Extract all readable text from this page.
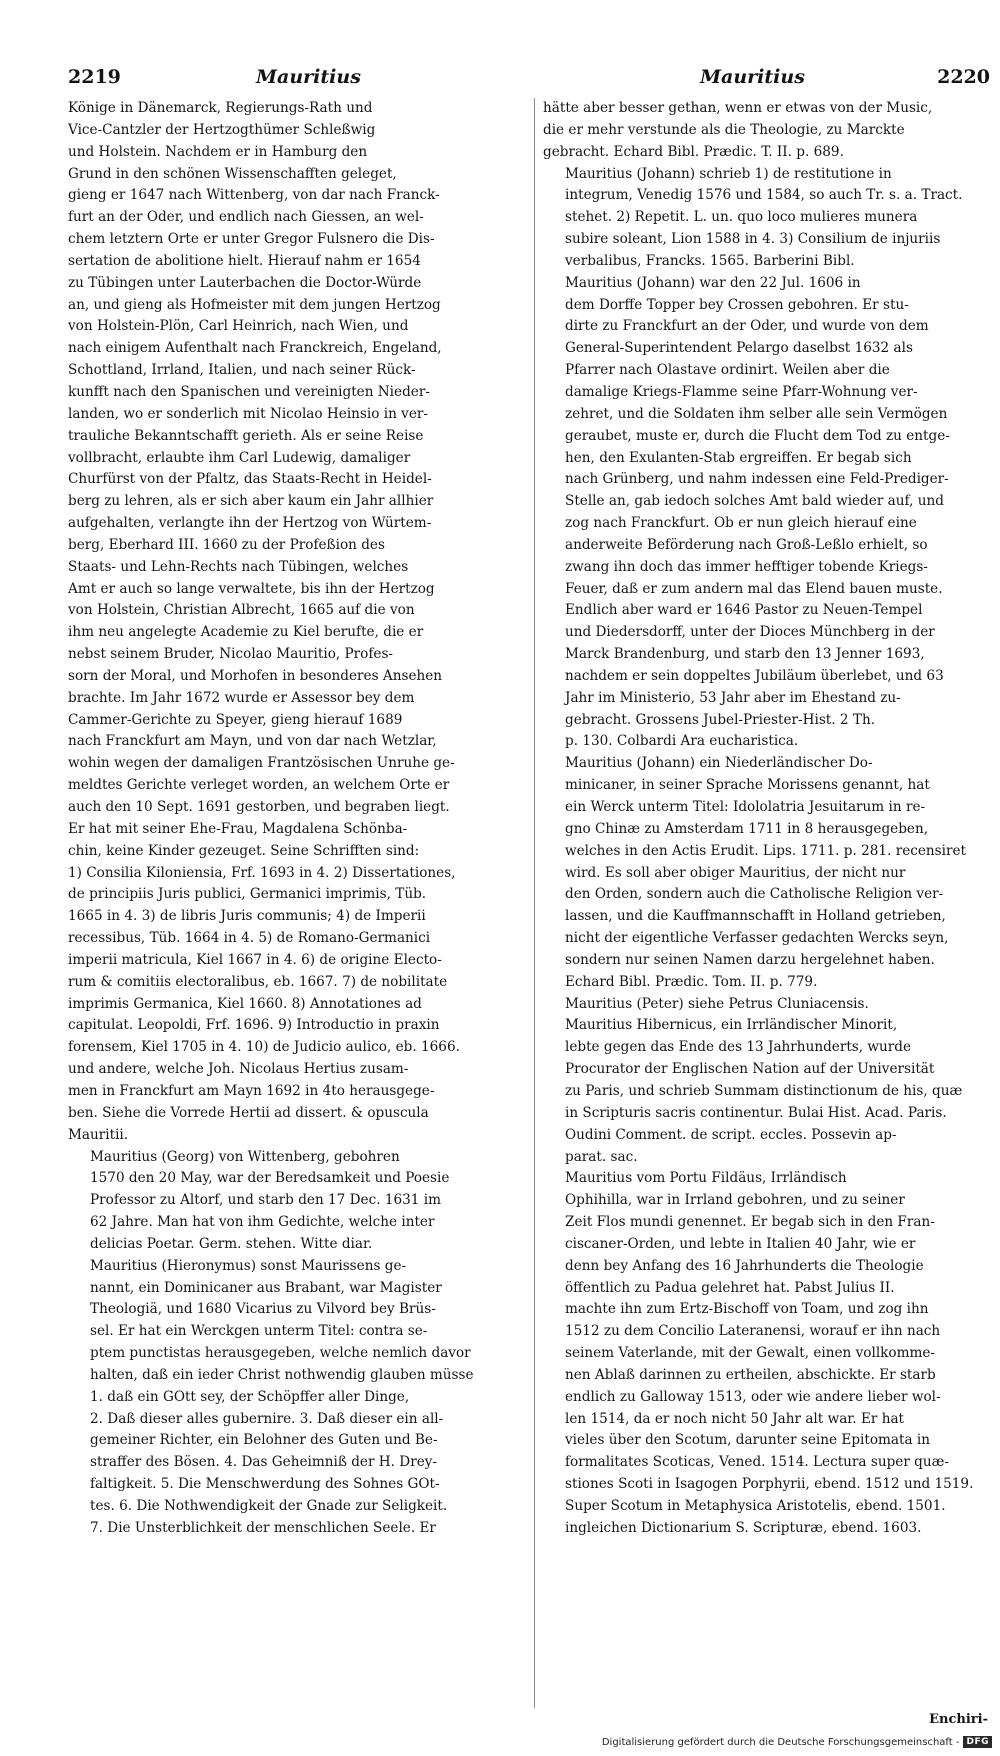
2219	Mauritius	Mauritius	2220

Könige in Dänemarck, Regierungs-Rath und
Vice-Cantzler der Hertzogthümer Schleßwig
und Holstein. Nachdem er in Hamburg den
Grund in den schönen Wissenschafften geleget,
gieng er 1647 nach Wittenberg, von dar nach Franck-
furt an der Oder, und endlich nach Giessen, an wel-
chem letztern Orte er unter Gregor Fulsnero die Dis-
sertation de abolitione hielt. Hierauf nahm er 1654
zu Tübingen unter Lauterbachen die Doctor-Würde
an, und gieng als Hofmeister mit dem jungen Hertzog
von Holstein-Plön, Carl Heinrich, nach Wien, und
nach einigem Aufenthalt nach Franckreich, Engeland,
Schottland, Irrland, Italien, und nach seiner Rück-
kunfft nach den Spanischen und vereinigten Nieder-
landen, wo er sonderlich mit Nicolao Heinsio in ver-
trauliche Bekanntschafft gerieth. Als er seine Reise
vollbracht, erlaubte ihm Carl Ludewig, damaliger
Churfürst von der Pfaltz, das Staats-Recht in Heidel-
berg zu lehren, als er sich aber kaum ein Jahr allhier
aufgehalten, verlangte ihn der Hertzog von Würtem-
berg, Eberhard III. 1660 zu der Profeßion des
Staats- und Lehn-Rechts nach Tübingen, welches
Amt er auch so lange verwaltete, bis ihn der Hertzog
von Holstein, Christian Albrecht, 1665 auf die von
ihm neu angelegte Academie zu Kiel berufte, die er
nebst seinem Bruder, Nicolao Mauritio, Profes-
sorn der Moral, und Morhofen in besonderes Ansehen
brachte. Im Jahr 1672 wurde er Assessor bey dem
Cammer-Gerichte zu Speyer, gieng hierauf 1689
nach Franckfurt am Mayn, und von dar nach Wetzlar,
wohin wegen der damaligen Frantzösischen Unruhe ge-
meldtes Gerichte verleget worden, an welchem Orte er
auch den 10 Sept. 1691 gestorben, und begraben liegt.
Er hat mit seiner Ehe-Frau, Magdalena Schönba-
chin, keine Kinder gezeuget. Seine Schrifften sind:
1) Consilia Kiloniensia, Frf. 1693 in 4. 2) Dissertationes,
de principiis Juris publici, Germanici imprimis, Tüb.
1665 in 4. 3) de libris Juris communis; 4) de Imperii
recessibus, Tüb. 1664 in 4. 5) de Romano-Germanici
imperii matricula, Kiel 1667 in 4. 6) de origine Electo-
rum & comitiis electoralibus, eb. 1667. 7) de nobilitate
imprimis Germanica, Kiel 1660. 8) Annotationes ad
capitulat. Leopoldi, Frf. 1696. 9) Introductio in praxin
forensem, Kiel 1705 in 4. 10) de Judicio aulico, eb. 1666.
und andere, welche Joh. Nicolaus Hertius zusam-
men in Franckfurt am Mayn 1692 in 4to herausgege-
ben. Siehe die Vorrede Hertii ad dissert. & opuscula
Mauritii.

Mauritius (Georg) von Wittenberg, gebohren
1570 den 20 May, war der Beredsamkeit und Poesie
Professor zu Altorf, und starb den 17 Dec. 1631 im
62 Jahre. Man hat von ihm Gedichte, welche inter
delicias Poetar. Germ. stehen. Witte diar.

Mauritius (Hieronymus) sonst Maurissens ge-
nannt, ein Dominicaner aus Brabant, war Magister
Theologiä, und 1680 Vicarius zu Vilvord bey Brüs-
sel. Er hat ein Werckgen unterm Titel: contra se-
ptem punctistas herausgegeben, welche nemlich davor
halten, daß ein ieder Christ nothwendig glauben müsse
1. daß ein GOtt sey, der Schöpffer aller Dinge,
2. Daß dieser alles gubernire. 3. Daß dieser ein all-
gemeiner Richter, ein Belohner des Guten und Be-
straffer des Bösen. 4. Das Geheimniß der H. Drey-
faltigkeit. 5. Die Menschwerdung des Sohnes GOt-
tes. 6. Die Nothwendigkeit der Gnade zur Seligkeit.
7. Die Unsterblichkeit der menschlichen Seele. Er

hätte aber besser gethan, wenn er etwas von der Music,
die er mehr verstunde als die Theologie, zu Marckte
gebracht. Echard Bibl. Prædic. T. II. p. 689.

Mauritius (Johann) schrieb 1) de restitutione in
integrum, Venedig 1576 und 1584, so auch Tr. s. a. Tract.
stehet. 2) Repetit. L. un. quo loco mulieres munera
subire soleant, Lion 1588 in 4. 3) Consilium de injuriis
verbalibus, Francks. 1565. Barberini Bibl.

Mauritius (Johann) war den 22 Jul. 1606 in
dem Dorffe Topper bey Crossen gebohren. Er stu-
dirte zu Franckfurt an der Oder, und wurde von dem
General-Superintendent Pelargo daselbst 1632 als
Pfarrer nach Olastave ordinirt. Weilen aber die
damalige Kriegs-Flamme seine Pfarr-Wohnung ver-
zehret, und die Soldaten ihm selber alle sein Vermögen
geraubet, muste er, durch die Flucht dem Tod zu entge-
hen, den Exulanten-Stab ergreiffen. Er begab sich
nach Grünberg, und nahm indessen eine Feld-Prediger-
Stelle an, gab iedoch solches Amt bald wieder auf, und
zog nach Franckfurt. Ob er nun gleich hierauf eine
anderweite Beförderung nach Groß-Leßlo erhielt, so
zwang ihn doch das immer hefftiger tobende Kriegs-
Feuer, daß er zum andern mal das Elend bauen muste.
Endlich aber ward er 1646 Pastor zu Neuen-Tempel
und Diedersdorff, unter der Dioces Münchberg in der
Marck Brandenburg, und starb den 13 Jenner 1693,
nachdem er sein doppeltes Jubiläum überlebet, und 63
Jahr im Ministerio, 53 Jahr aber im Ehestand zu-
gebracht. Grossens Jubel-Priester-Hist. 2 Th.
p. 130. Colbardi Ara eucharistica.

Mauritius (Johann) ein Niederländischer Do-
minicaner, in seiner Sprache Morissens genannt, hat
ein Werck unterm Titel: Idololatria Jesuitarum in re-
gno Chinæ zu Amsterdam 1711 in 8 herausgegeben,
welches in den Actis Erudit. Lips. 1711. p. 281. recensiret
wird. Es soll aber obiger Mauritius, der nicht nur
den Orden, sondern auch die Catholische Religion ver-
lassen, und die Kauffmannschafft in Holland getrieben,
nicht der eigentliche Verfasser gedachten Wercks seyn,
sondern nur seinen Namen darzu hergelehnet haben.
Echard Bibl. Prædic. Tom. II. p. 779.

Mauritius (Peter) siehe Petrus Cluniacensis.

Mauritius Hibernicus, ein Irrländischer Minorit,
lebte gegen das Ende des 13 Jahrhunderts, wurde
Procurator der Englischen Nation auf der Universität
zu Paris, und schrieb Summam distinctionum de his, quæ
in Scripturis sacris continentur. Bulai Hist. Acad. Paris.
Oudini Comment. de script. eccles. Possevin ap-
parat. sac.

Mauritius vom Portu Fildäus, Irrländisch
Ophihilla, war in Irrland gebohren, und zu seiner
Zeit Flos mundi genennet. Er begab sich in den Fran-
ciscaner-Orden, und lebte in Italien 40 Jahr, wie er
denn bey Anfang des 16 Jahrhunderts die Theologie
öffentlich zu Padua gelehret hat. Pabst Julius II.
machte ihn zum Ertz-Bischoff von Toam, und zog ihn
1512 zu dem Concilio Lateranensi, worauf er ihn nach
seinem Vaterlande, mit der Gewalt, einen vollkomme-
nen Ablaß darinnen zu ertheilen, abschickte. Er starb
endlich zu Galloway 1513, oder wie andere lieber wol-
len 1514, da er noch nicht 50 Jahr alt war. Er hat
vieles über den Scotum, darunter seine Epitomata in
formalitates Scoticas, Vened. 1514. Lectura super quæ-
stiones Scoti in Isagogen Porphyrii, ebend. 1512 und 1519.
Super Scotum in Metaphysica Aristotelis, ebend. 1501.
ingleichen Dictionarium S. Scripturæ, ebend. 1603.

Enchiri-
Digitalisierung gefördert durch die Deutsche Forschungsgemeinschaft - DFG
